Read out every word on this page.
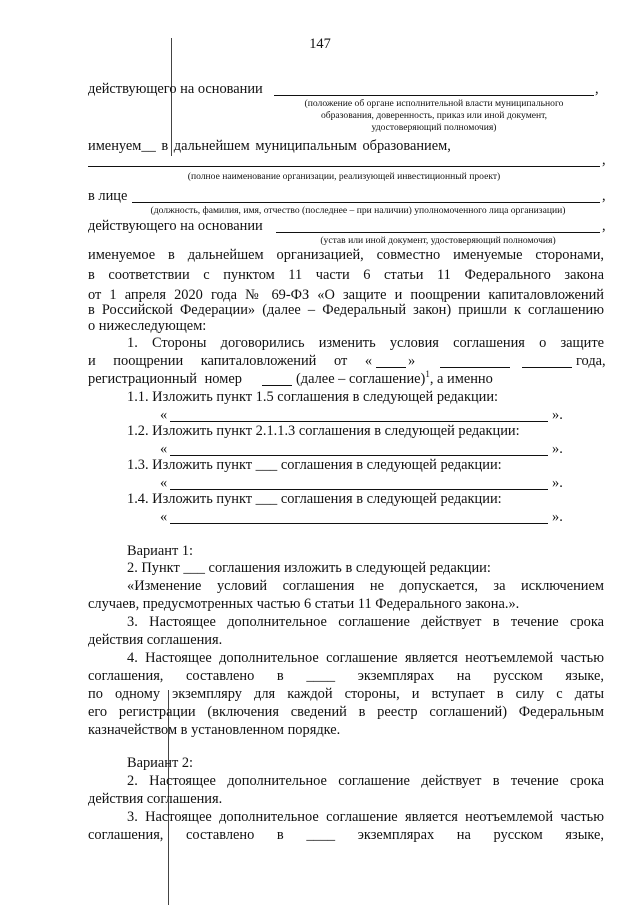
147
действующего на основании	,
(положение об органе исполнительной власти муниципального
образования, доверенность, приказ или иной документ,
удостоверяющий полномочия)
именуем__ в дальнейшем муниципальным образованием,
,
(полное наименование организации, реализующей инвестиционный проект)
в лице	,
(должность, фамилия, имя, отчество (последнее – при наличии) уполномоченного лица организации)
действующего на основании	,
(устав или иной документ, удостоверяющий полномочия)
именуемое в дальнейшем организацией, совместно именуемые сторонами,
в соответствии с пунктом 11 части 6 статьи 11 Федерального закона
от 1 апреля 2020 года № 69-ФЗ «О защите и поощрении капиталовложений
в Российской Федерации» (далее – Федеральный закон) пришли к соглашению
о нижеследующем:
1. Стороны договорились изменить условия соглашения о защите
и поощрении капиталовложений от « »	года,
регистрационный номер	(далее – соглашение)$^1$, а именно
1.1. Изложить пункт 1.5 соглашения в следующей редакции:
«	».
1.2. Изложить пункт 2.1.1.3 соглашения в следующей редакции:
«	».
1.3. Изложить пункт ___ соглашения в следующей редакции:
«	».
1.4. Изложить пункт ___ соглашения в следующей редакции:
«	».
Вариант 1:
2. Пункт ___ соглашения изложить в следующей редакции:
«Изменение условий соглашения не допускается, за исключением
случаев, предусмотренных частью 6 статьи 11 Федерального закона.».
3. Настоящее дополнительное соглашение действует в течение срока
действия соглашения.
4. Настоящее дополнительное соглашение является неотъемлемой частью
соглашения, составлено в ____ экземплярах на русском языке,
по одному экземпляру для каждой стороны, и вступает в силу с даты
его регистрации (включения сведений в реестр соглашений) Федеральным
казначейством в установленном порядке.
Вариант 2:
2. Настоящее дополнительное соглашение действует в течение срока
действия соглашения.
3. Настоящее дополнительное соглашение является неотъемлемой частью
соглашения, составлено в ____ экземплярах на русском языке,
